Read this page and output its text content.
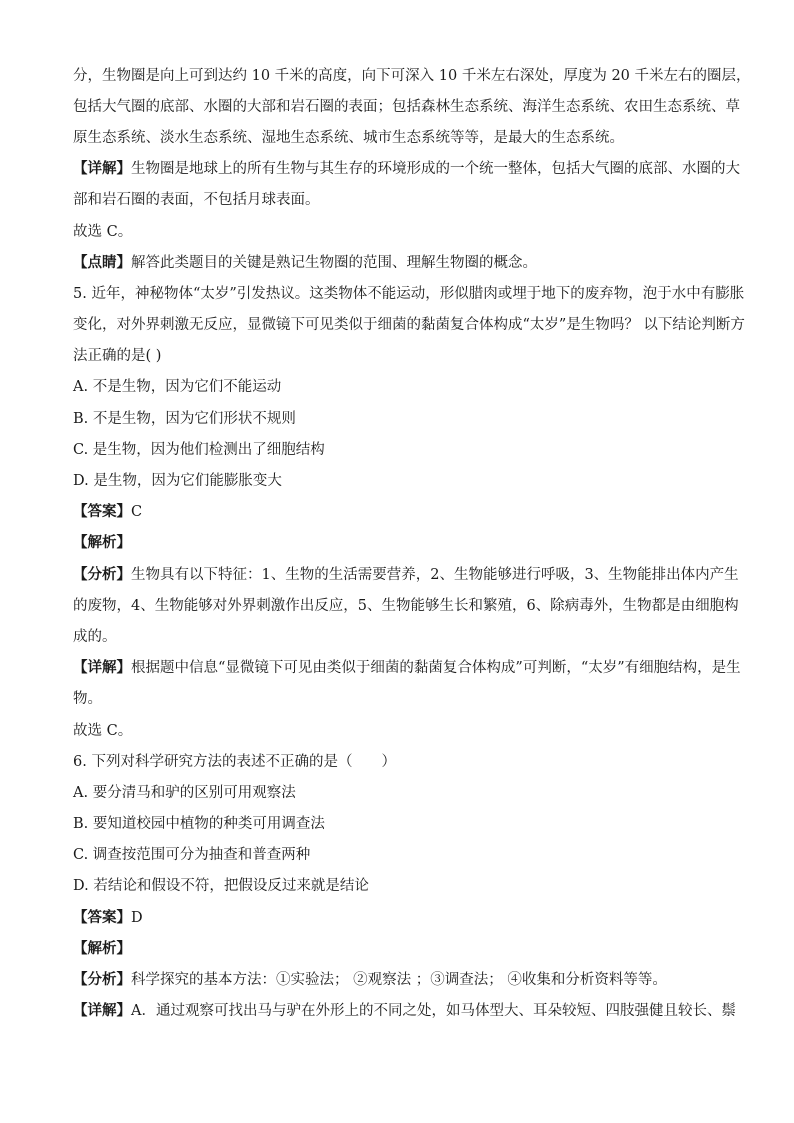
分，生物圈是向上可到达约 10 千米的高度，向下可深入 10 千米左右深处，厚度为 20 千米左右的圈层，
包括大气圈的底部、水圈的大部和岩石圈的表面；包括森林生态系统、海洋生态系统、农田生态系统、草
原生态系统、淡水生态系统、湿地生态系统、城市生态系统等等，是最大的生态系统。
【详解】生物圈是地球上的所有生物与其生存的环境形成的一个统一整体，包括大气圈的底部、水圈的大
部和岩石圈的表面，不包括月球表面。
故选 C。
【点睛】解答此类题目的关键是熟记生物圈的范围、理解生物圈的概念。
5. 近年，神秘物体“太岁”引发热议。这类物体不能运动，形似腊肉或埋于地下的废弃物，泡于水中有膨胀
变化，对外界刺激无反应，显微镜下可见类似于细菌的黏菌复合体构成“太岁”是生物吗？ 以下结论判断方
法正确的是( )
A. 不是生物，因为它们不能运动
B. 不是生物，因为它们形状不规则
C. 是生物，因为他们检测出了细胞结构
D. 是生物，因为它们能膨胀变大
【答案】C
【解析】
【分析】生物具有以下特征：1、生物的生活需要营养，2、生物能够进行呼吸，3、生物能排出体内产生
的废物，4、生物能够对外界刺激作出反应，5、生物能够生长和繁殖，6、除病毒外，生物都是由细胞构
成的。
【详解】根据题中信息“显微镜下可见由类似于细菌的黏菌复合体构成”可判断，“太岁”有细胞结构，是生
物。
故选 C。
6. 下列对科学研究方法的表述不正确的是（　　）
A. 要分清马和驴的区别可用观察法
B. 要知道校园中植物的种类可用调查法
C. 调查按范围可分为抽查和普查两种
D. 若结论和假设不符，把假设反过来就是结论
【答案】D
【解析】
【分析】科学探究的基本方法：①实验法； ②观察法 ；③调查法； ④收集和分析资料等等。
【详解】A．通过观察可找出马与驴在外形上的不同之处，如马体型大、耳朵较短、四肢强健且较长、鬃
